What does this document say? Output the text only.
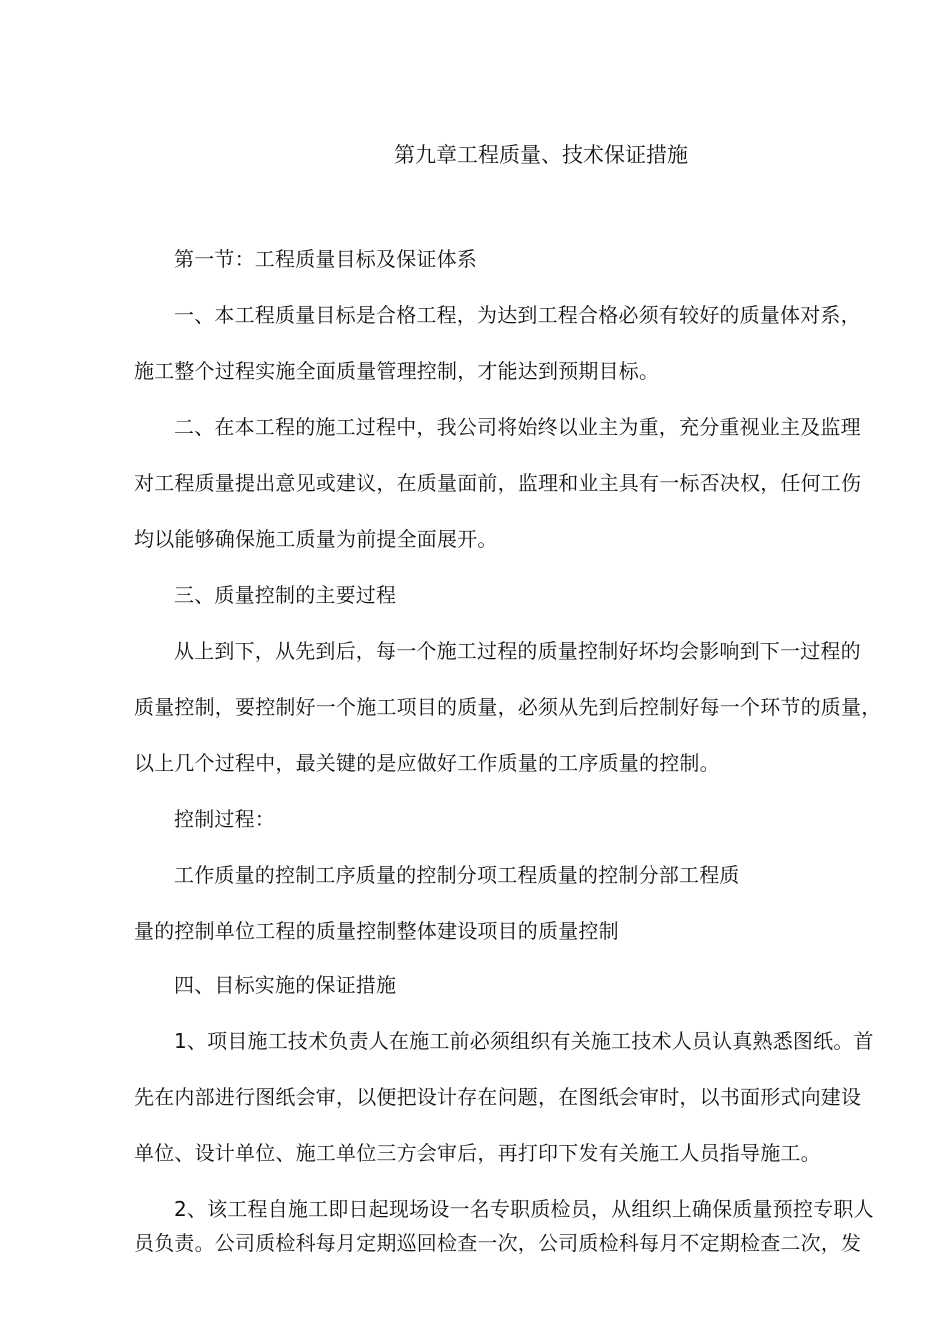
第九章工程质量、技术保证措施
第一节：工程质量目标及保证体系
一、本工程质量目标是合格工程，为达到工程合格必须有较好的质量体对系，
施工整个过程实施全面质量管理控制，才能达到预期目标。
二、在本工程的施工过程中，我公司将始终以业主为重，充分重视业主及监理
对工程质量提出意见或建议，在质量面前，监理和业主具有一标否决权，任何工伤
均以能够确保施工质量为前提全面展开。
三、质量控制的主要过程
从上到下，从先到后，每一个施工过程的质量控制好坏均会影响到下一过程的
质量控制，要控制好一个施工项目的质量，必须从先到后控制好每一个环节的质量，
以上几个过程中，最关键的是应做好工作质量的工序质量的控制。
控制过程：
工作质量的控制工序质量的控制分项工程质量的控制分部工程质
量的控制单位工程的质量控制整体建设项目的质量控制
四、目标实施的保证措施
1、项目施工技术负责人在施工前必须组织有关施工技术人员认真熟悉图纸。首
先在内部进行图纸会审，以便把设计存在问题，在图纸会审时，以书面形式向建设
单位、设计单位、施工单位三方会审后，再打印下发有关施工人员指导施工。
2、该工程自施工即日起现场设一名专职质检员，从组织上确保质量预控专职人
员负责。公司质检科每月定期巡回检查一次，公司质检科每月不定期检查二次，发
